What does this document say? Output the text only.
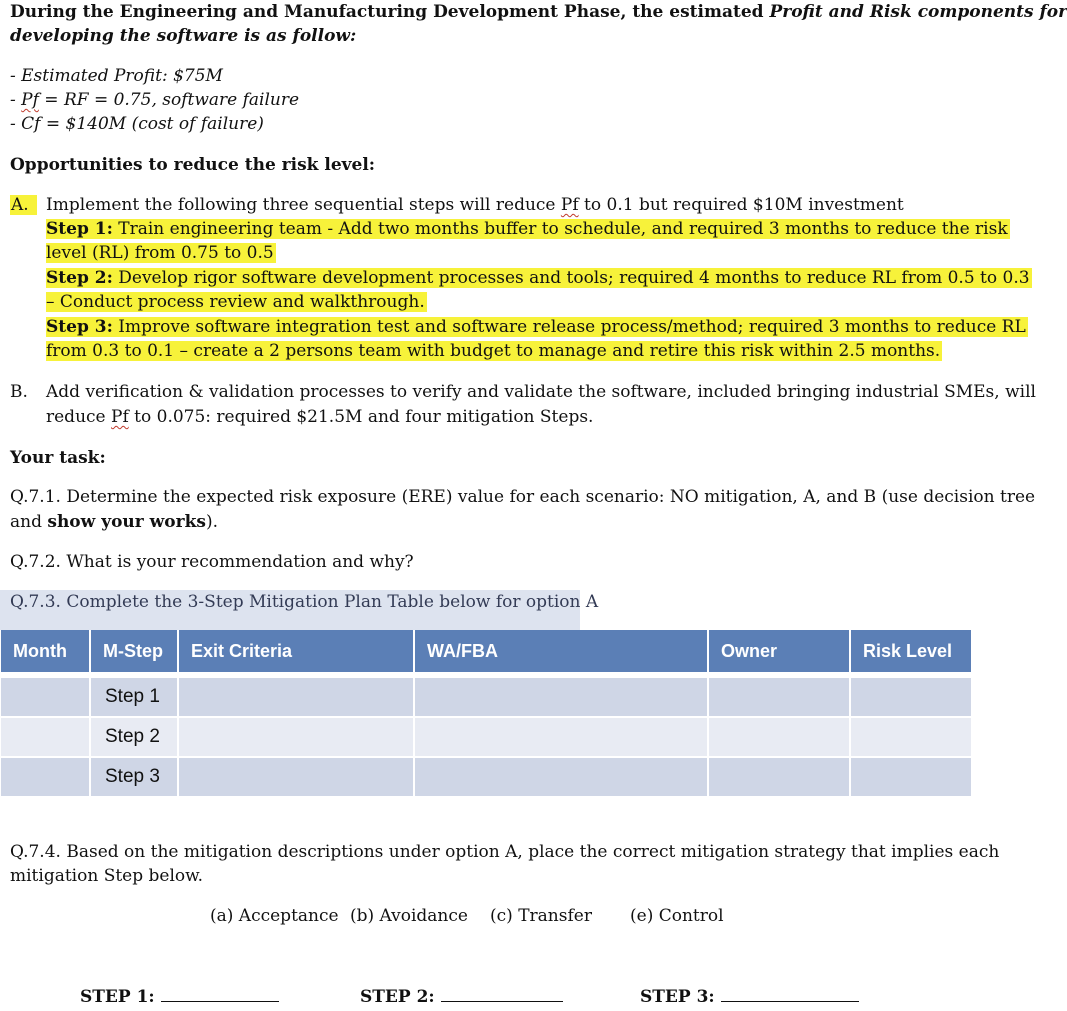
During the Engineering and Manufacturing Development Phase, the estimated Profit and Risk components for
developing the software is as follow:
- Estimated Profit: $75M
- Pf = RF = 0.75, software failure
- Cf = $140M (cost of failure)
Opportunities to reduce the risk level:
A.	Implement the following three sequential steps will reduce Pf to 0.1 but required $10M investment
Step 1: Train engineering team - Add two months buffer to schedule, and required 3 months to reduce the risk
level (RL) from 0.75 to 0.5
Step 2: Develop rigor software development processes and tools; required 4 months to reduce RL from 0.5 to 0.3
– Conduct process review and walkthrough.
Step 3: Improve software integration test and software release process/method; required 3 months to reduce RL
from 0.3 to 0.1 – create a 2 persons team with budget to manage and retire this risk within 2.5 months.
B. Add verification & validation processes to verify and validate the software, included bringing industrial SMEs, will
reduce Pf to 0.075: required $21.5M and four mitigation Steps.
Your task:
Q.7.1. Determine the expected risk exposure (ERE) value for each scenario: NO mitigation, A, and B (use decision tree
and show your works).
Q.7.2. What is your recommendation and why?
Q.7.3. Complete the 3-Step Mitigation Plan Table below for option A
Month	M-Step	Exit Criteria	WA/FBA	Owner	Risk Level
	Step 1				
	Step 2				
	Step 3				
Q.7.4. Based on the mitigation descriptions under option A, place the correct mitigation strategy that implies each
mitigation Step below.
(a) Acceptance (b) Avoidance (c) Transfer (e) Control
STEP 1:	STEP 2:	STEP 3:
